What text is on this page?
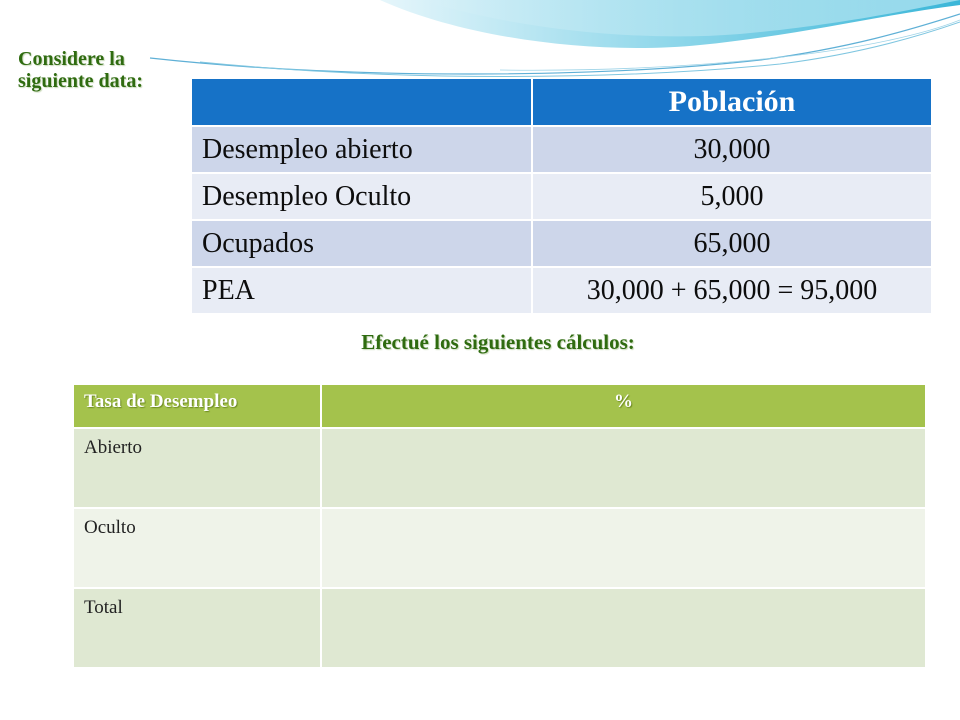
Considere la siguiente data:
	Población
Desempleo abierto	30,000
Desempleo Oculto	5,000
Ocupados	65,000
PEA	30,000 + 65,000 = 95,000
Efectué los siguientes cálculos:
Tasa de Desempleo	%
Abierto	
Oculto	
Total	
